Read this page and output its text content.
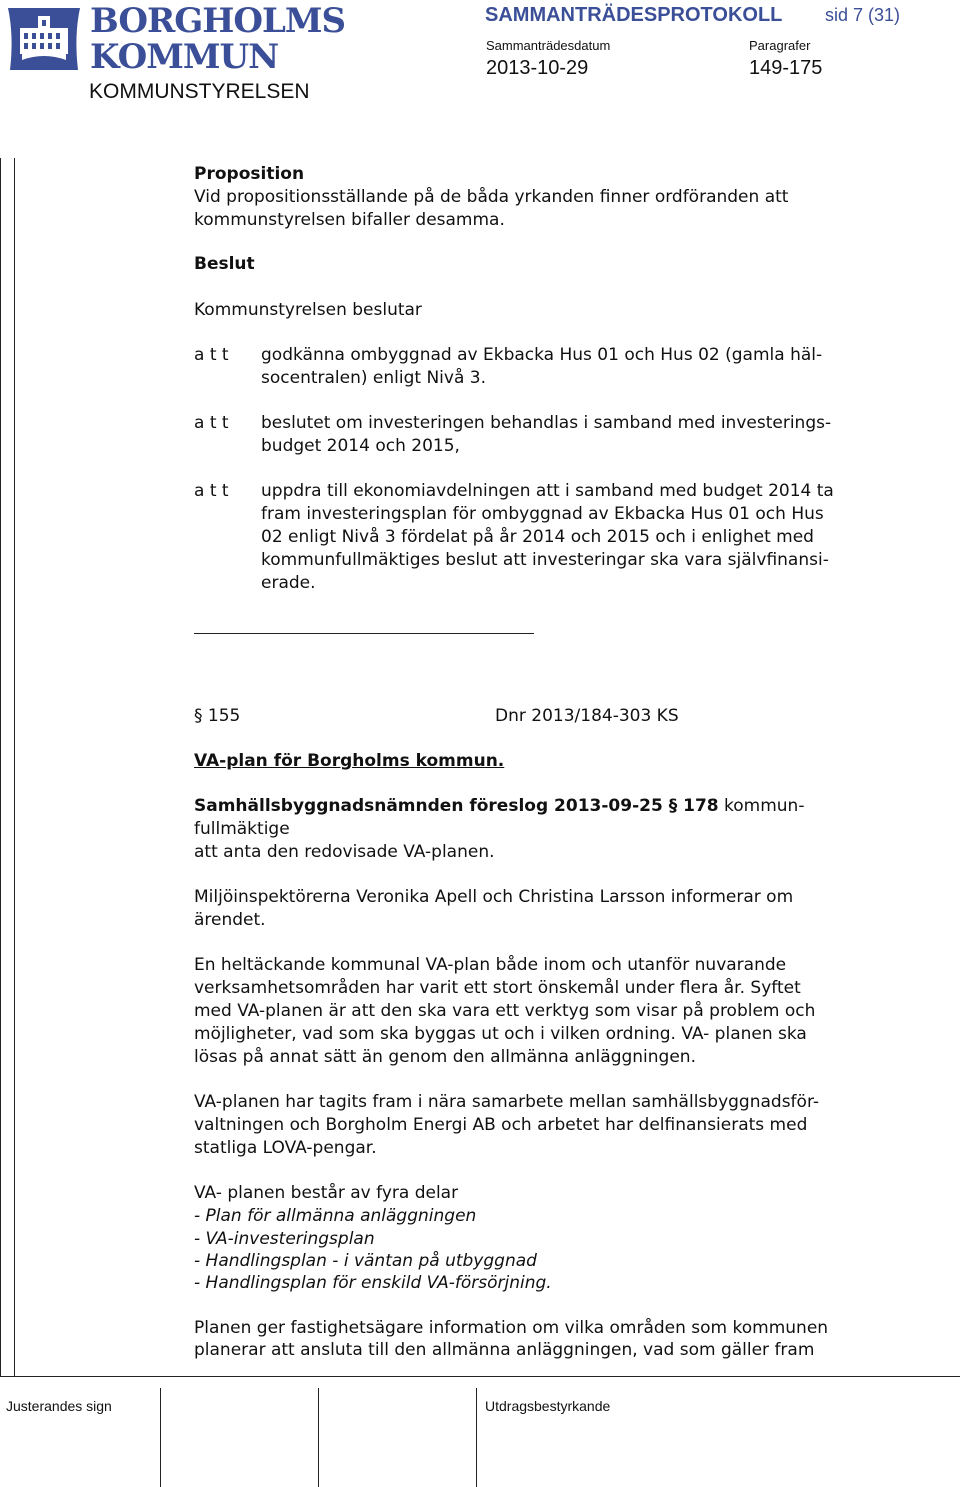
BORGHOLMS
KOMMUN
KOMMUNSTYRELSEN
SAMMANTRÄDESPROTOKOLL sid 7 (31)
Sammanträdesdatum	Paragrafer
2013-10-29	149-175
Proposition
Vid propositionsställande på de båda yrkanden finner ordföranden att
kommunstyrelsen bifaller desamma.
Beslut
Kommunstyrelsen beslutar
a t t godkänna ombyggnad av Ekbacka Hus 01 och Hus 02 (gamla häl-
socentralen) enligt Nivå 3.
a t t beslutet om investeringen behandlas i samband med investerings-
budget 2014 och 2015,
a t t uppdra till ekonomiavdelningen att i samband med budget 2014 ta
fram investeringsplan för ombyggnad av Ekbacka Hus 01 och Hus
02 enligt Nivå 3 fördelat på år 2014 och 2015 och i enlighet med
kommunfullmäktiges beslut att investeringar ska vara självfinansi-
erade.
§ 155	Dnr 2013/184-303 KS
VA-plan för Borgholms kommun.
Samhällsbyggnadsnämnden föreslog 2013-09-25 § 178 kommun-
fullmäktige
att anta den redovisade VA-planen.
Miljöinspektörerna Veronika Apell och Christina Larsson informerar om
ärendet.
En heltäckande kommunal VA-plan både inom och utanför nuvarande
verksamhetsområden har varit ett stort önskemål under flera år. Syftet
med VA-planen är att den ska vara ett verktyg som visar på problem och
möjligheter, vad som ska byggas ut och i vilken ordning. VA- planen ska
lösas på annat sätt än genom den allmänna anläggningen.
VA-planen har tagits fram i nära samarbete mellan samhällsbyggnadsför-
valtningen och Borgholm Energi AB och arbetet har delfinansierats med
statliga LOVA-pengar.
VA- planen består av fyra delar
- Plan för allmänna anläggningen
- VA-investeringsplan
- Handlingsplan - i väntan på utbyggnad
- Handlingsplan för enskild VA-försörjning.
Planen ger fastighetsägare information om vilka områden som kommunen
planerar att ansluta till den allmänna anläggningen, vad som gäller fram
Justerandes sign	Utdragsbestyrkande
